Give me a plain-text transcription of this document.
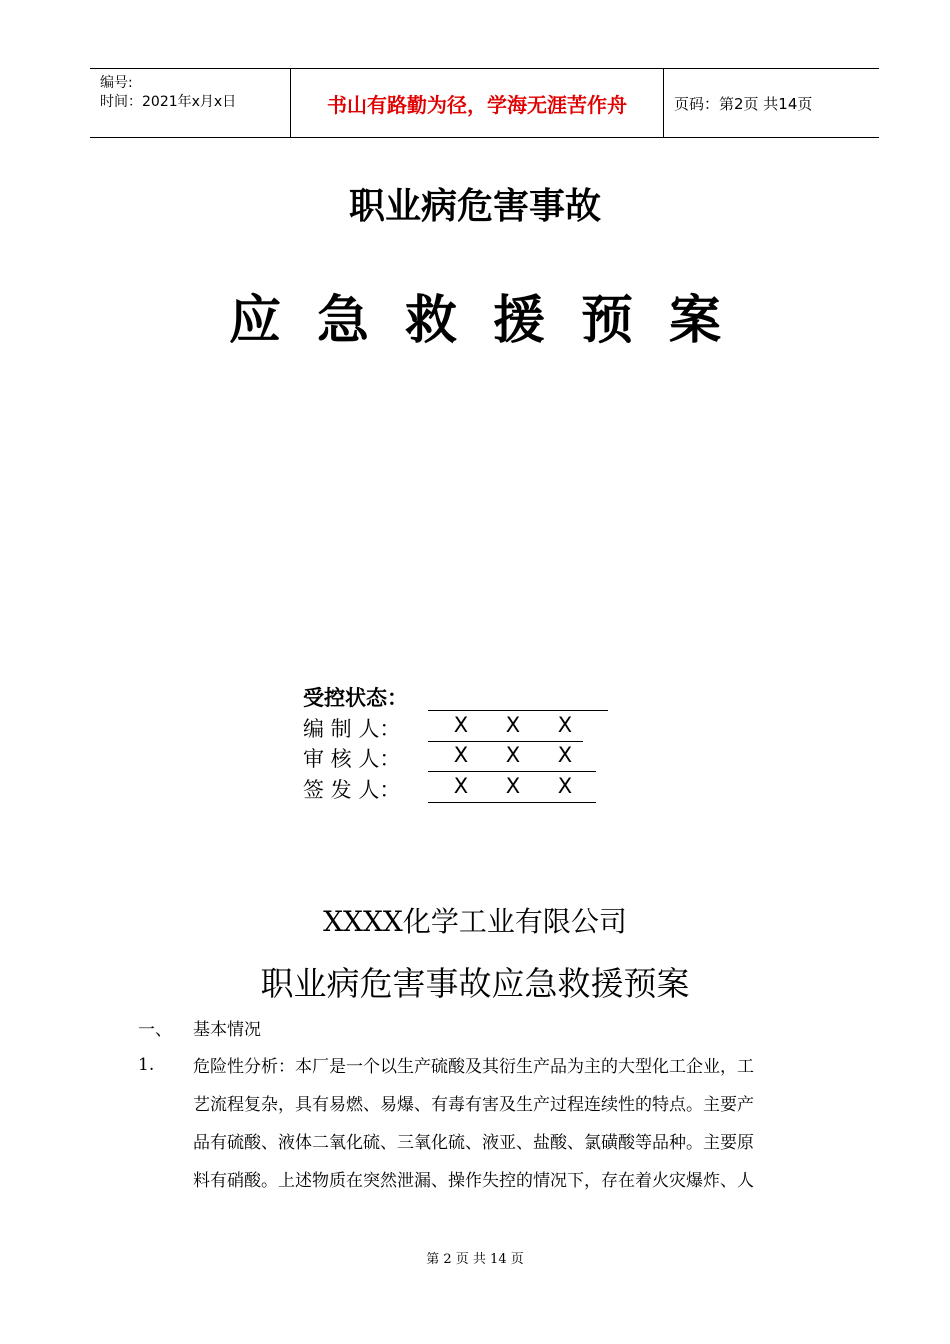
编号:
时间：2021年x月x日	书山有路勤为径，学海无涯苦作舟	页码：第2页 共14页
职业病危害事故
应急救援预案
受控状态：
编 制 人：	X	X	X
审 核 人：	X	X	X
签 发 人：	X	X	X
XXXX化学工业有限公司
职业病危害事故应急救援预案
一、 基本情况
1. 危险性分析：本厂是一个以生产硫酸及其衍生产品为主的大型化工企业，工

艺流程复杂，具有易燃、易爆、有毒有害及生产过程连续性的特点。主要产

品有硫酸、液体二氧化硫、三氧化硫、液亚、盐酸、氯磺酸等品种。主要原

料有硝酸。上述物质在突然泄漏、操作失控的情况下，存在着火灾爆炸、人

第 2 页 共 14 页
